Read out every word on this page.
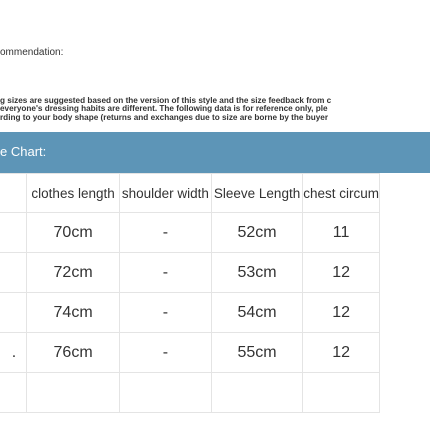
ommendation:
g sizes are suggested based on the version of this style and the size feedback from c
everyone's dressing habits are different. The following data is for reference only, ple
rding to your body shape (returns and exchanges due to size are borne by the buyer
e Chart:
	clothes length	shoulder width	Sleeve Length	chest circum
	70cm	-	52cm	11
	72cm	-	53cm	12
	74cm	-	54cm	12
.	76cm	-	55cm	12
